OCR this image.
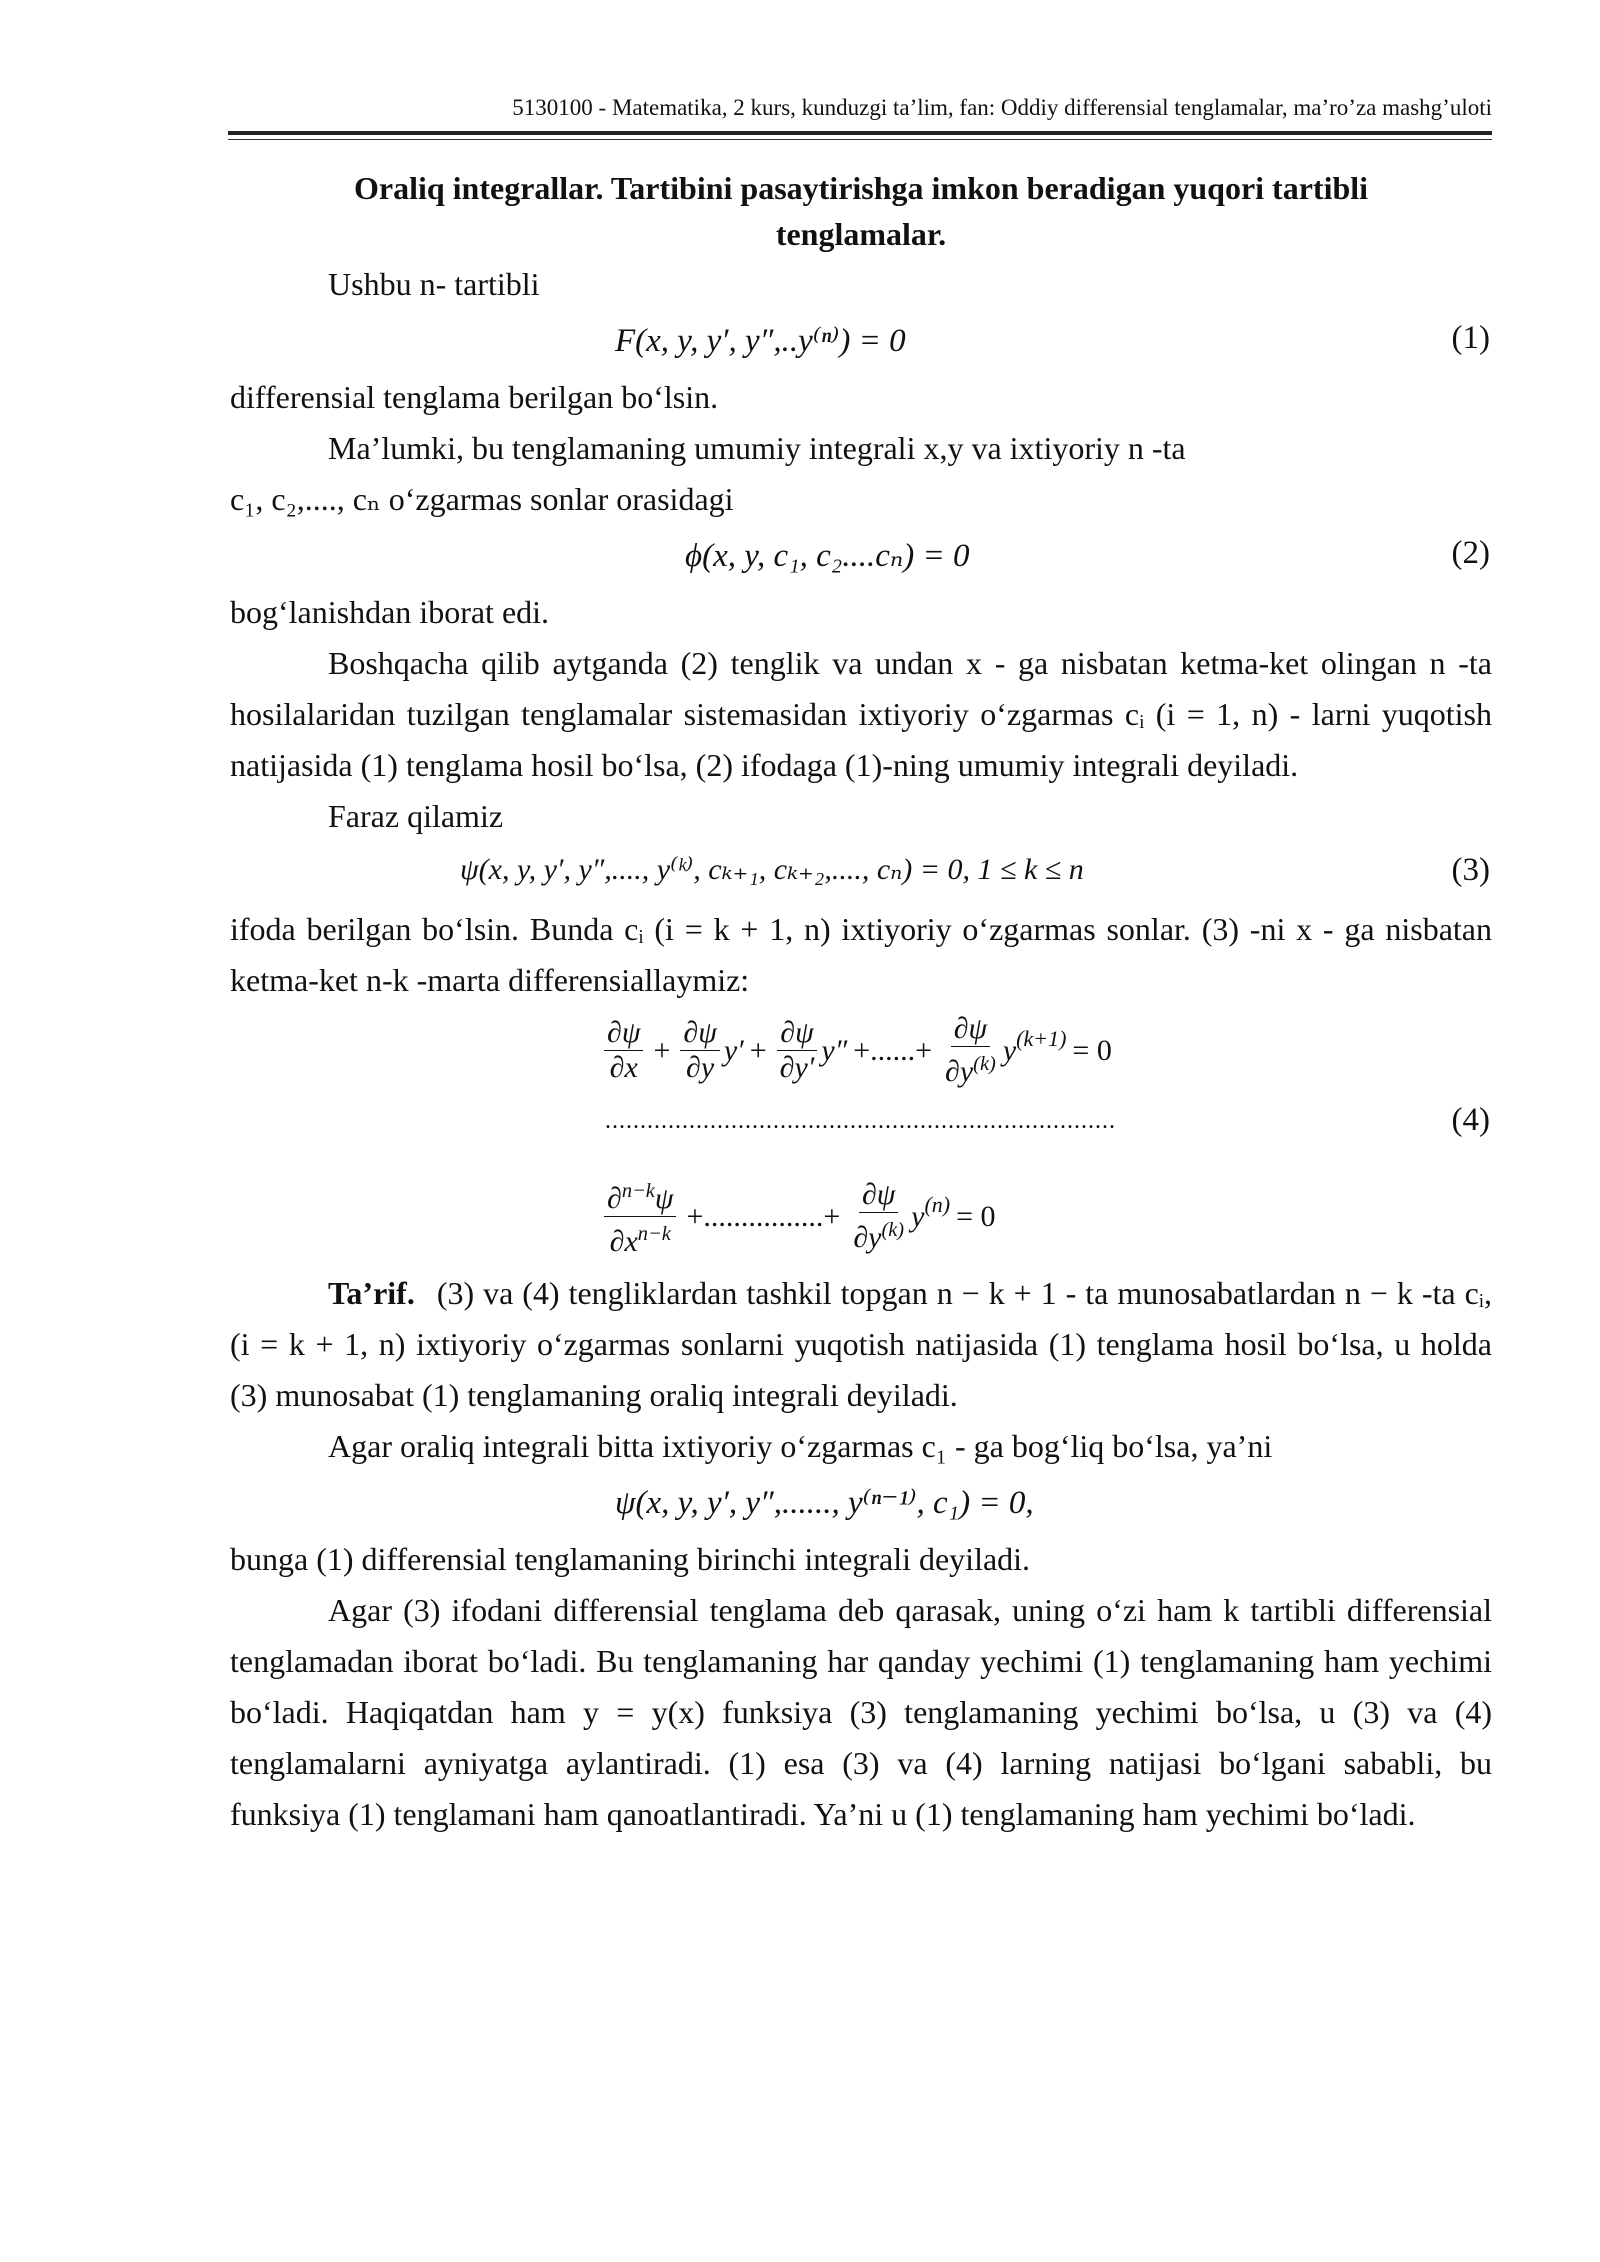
5130100 - Matematika, 2 kurs, kunduzgi ta’lim, fan: Oddiy differensial tenglamalar, ma’ro’za mashg’uloti
Oraliq integrallar. Tartibini pasaytirishga imkon beradigan yuqori tartibli
tenglamalar.

Ushbu n- tartibli

F(x, y, y′, y″,..y⁽ⁿ⁾) = 0	(1)

differensial tenglama berilgan bo‘lsin.

Ma’lumki, bu tenglamaning umumiy integrali x,y va ixtiyoriy n -ta

c₁, c₂,...., cₙ o‘zgarmas sonlar orasidagi

ϕ(x, y, c₁, c₂....cₙ) = 0	(2)

bog‘lanishdan iborat edi.

Boshqacha qilib aytganda (2) tenglik va undan x - ga nisbatan ketma-ket olingan n -ta hosilalaridan tuzilgan tenglamalar sistemasidan ixtiyoriy o‘zgarmas cᵢ (i = 1, n) - larni yuqotish natijasida (1) tenglama hosil bo‘lsa, (2) ifodaga (1)-ning umumiy integrali deyiladi.

Faraz qilamiz

ψ(x, y, y′, y″,...., y⁽ᵏ⁾, cₖ₊₁, cₖ₊₂,...., cₙ) = 0, 1 ≤ k ≤ n	(3)

ifoda berilgan bo‘lsin. Bunda cᵢ (i = k + 1, n) ixtiyoriy o‘zgarmas sonlar. (3) -ni x - ga nisbatan ketma-ket n-k -marta differensiallaymiz:

∂ψ
∂x
+ $\frac{\partial\psi}{\partial y} y' + \frac{\partial\psi}{\partial y'} y''$ +......+ $\frac{\partial\psi}{\partial y^{(k)}} y^{(k+1)} = 0$
.........................................................................	(4)
∂$^{n-k}$ψ
$\partial x^{n-k}$
+................+ $\frac{\partial\psi}{\partial y^{(k)}} y^{(n)} = 0$

Ta’rif. (3) va (4) tengliklardan tashkil topgan n − k + 1 - ta munosabatlardan n − k -ta cᵢ, (i = k + 1, n) ixtiyoriy o‘zgarmas sonlarni yuqotish natijasida (1) tenglama hosil bo‘lsa, u holda (3) munosabat (1) tenglamaning oraliq integrali deyiladi.

Agar oraliq integrali bitta ixtiyoriy o‘zgarmas c₁ - ga bog‘liq bo‘lsa, ya’ni

ψ(x, y, y′, y″,......, y⁽ⁿ⁻¹⁾, c₁) = 0,

bunga (1) differensial tenglamaning birinchi integrali deyiladi.

Agar (3) ifodani differensial tenglama deb qarasak, uning o‘zi ham k tartibli differensial tenglamadan iborat bo‘ladi. Bu tenglamaning har qanday yechimi (1) tenglamaning ham yechimi bo‘ladi. Haqiqatdan ham y = y(x) funksiya (3) tenglamaning yechimi bo‘lsa, u (3) va (4) tenglamalarni ayniyatga aylantiradi. (1) esa (3) va (4) larning natijasi bo‘lgani sababli, bu funksiya (1) tenglamani ham qanoatlantiradi. Ya’ni u (1) tenglamaning ham yechimi bo‘ladi.
